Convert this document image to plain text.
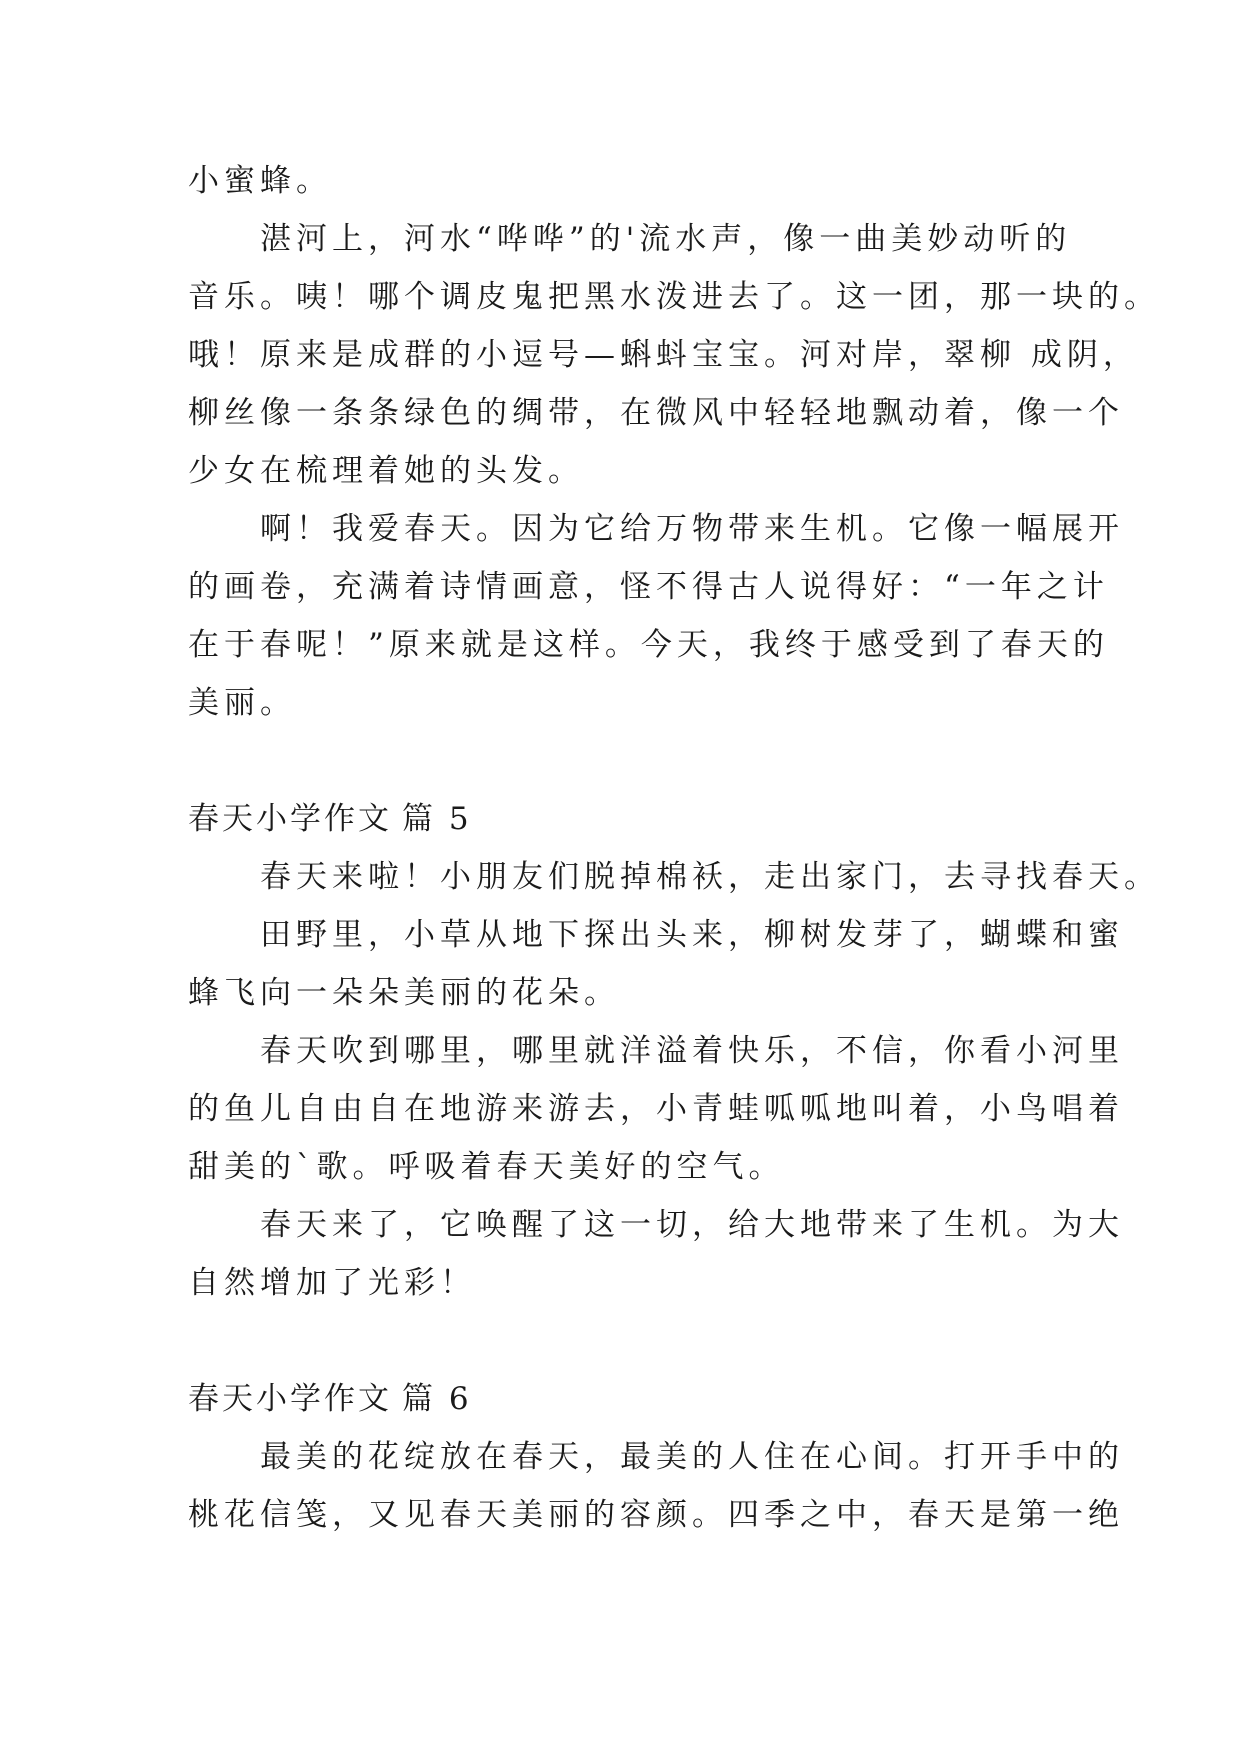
小蜜蜂。

湛河上，河水“哗哗”的'流水声，像一曲美妙动听的

音乐。咦！哪个调皮鬼把黑水泼进去了。这一团，那一块的。

哦！原来是成群的小逗号—蝌蚪宝宝。河对岸，翠柳 成阴，

柳丝像一条条绿色的绸带，在微风中轻轻地飘动着，像一个

少女在梳理着她的头发。

啊！我爱春天。因为它给万物带来生机。它像一幅展开

的画卷，充满着诗情画意，怪不得古人说得好：“一年之计

在于春呢！”原来就是这样。今天，我终于感受到了春天的

美丽。

春天小学作文 篇 5

春天来啦！小朋友们脱掉棉袄，走出家门，去寻找春天。

田野里，小草从地下探出头来，柳树发芽了，蝴蝶和蜜

蜂飞向一朵朵美丽的花朵。

春天吹到哪里，哪里就洋溢着快乐，不信，你看小河里

的鱼儿自由自在地游来游去，小青蛙呱呱地叫着，小鸟唱着

甜美的`歌。呼吸着春天美好的空气。

春天来了，它唤醒了这一切，给大地带来了生机。为大

自然增加了光彩！

春天小学作文 篇 6

最美的花绽放在春天，最美的人住在心间。打开手中的

桃花信笺，又见春天美丽的容颜。四季之中，春天是第一绝
